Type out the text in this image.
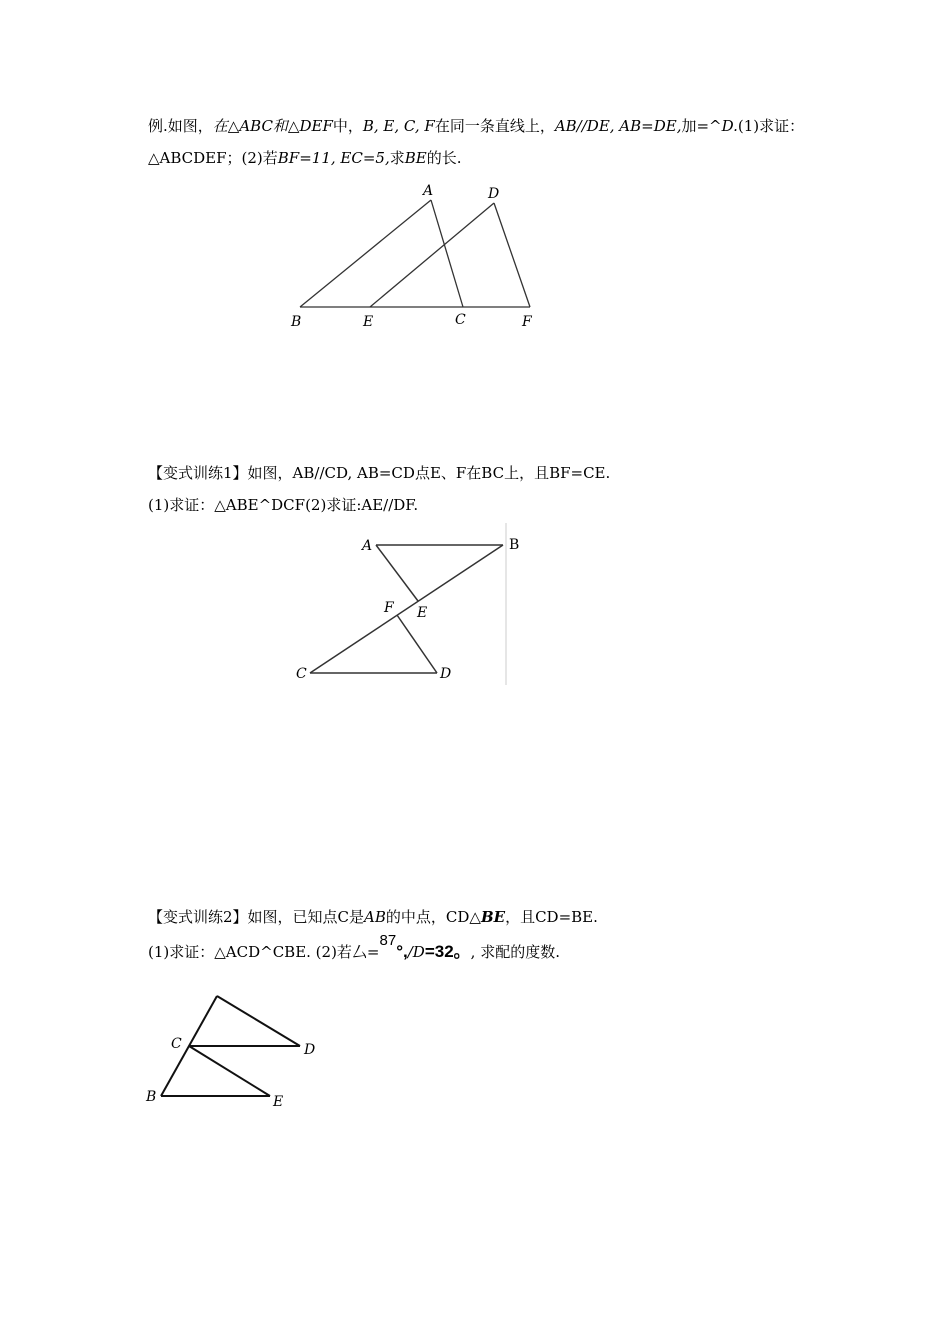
例.如图，在△ABC和△DEF中，B, E, C, F在同一条直线上，AB//DE, AB=DE,加=^D.(1)求证：
△ABCDEF；(2)若BF=11, EC=5,求BE的长.
【变式训练1】如图，AB//CD, AB=CD点E、F在BC上，且BF=CE.
(1)求证：△ABE^DCF(2)求证:AE//DF.
【变式训练2】如图，已知点C是AB的中点，CD△BE，且CD=BE.
(1)求证：△ACD^CBE. (2)若厶=87°,/D=32。, 求配的度数.
A	D
B	E	C	F
A	B
F E
C	D
C	D
B	E
